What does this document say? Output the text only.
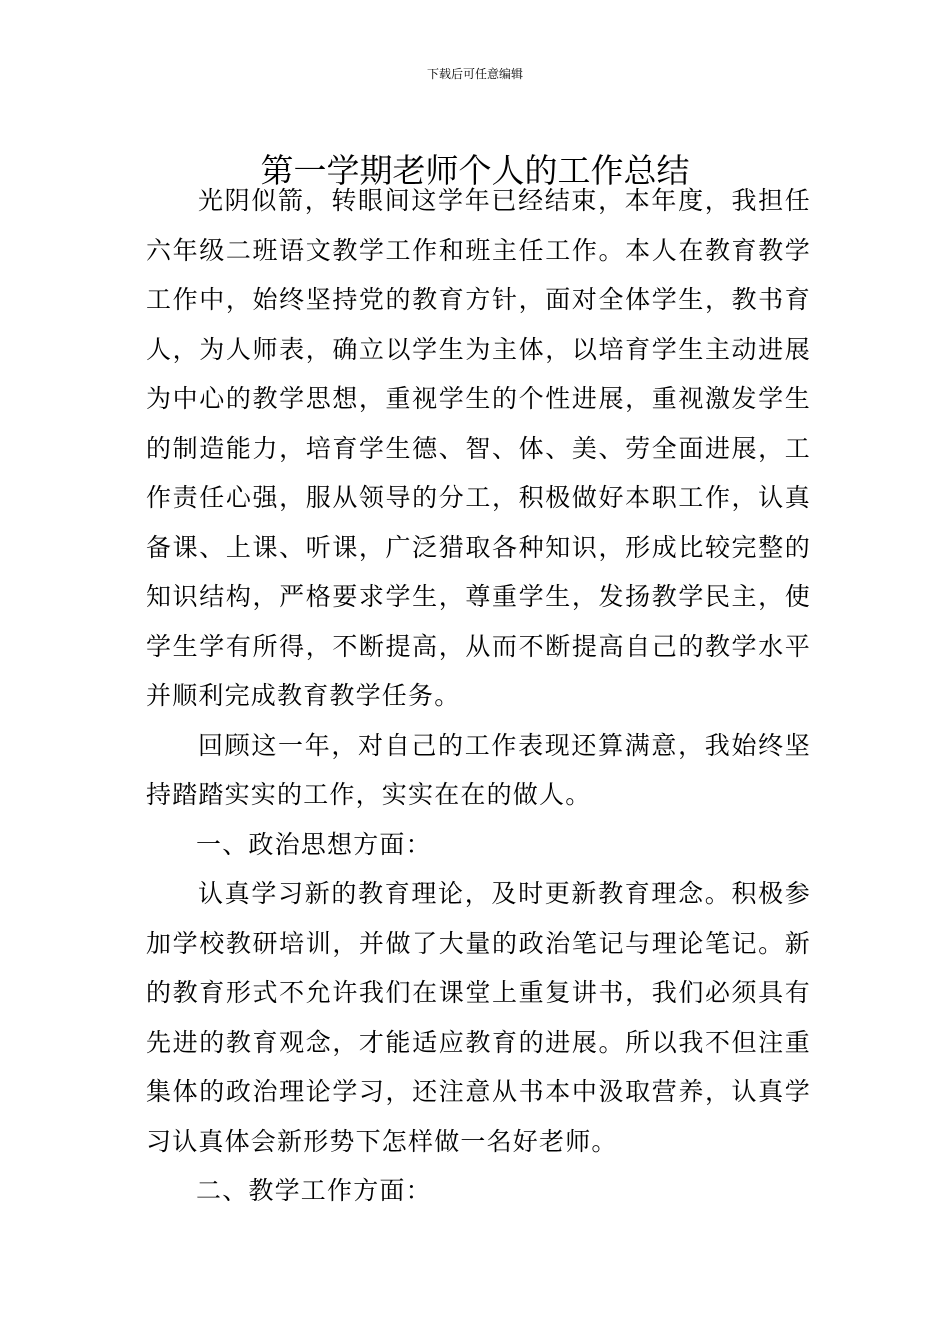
下载后可任意编辑
第一学期老师个人的工作总结

光阴似箭，转眼间这学年已经结束，本年度，我担任六年级二班语文教学工作和班主任工作。本人在教育教学工作中，始终坚持党的教育方针，面对全体学生，教书育人，为人师表，确立以学生为主体，以培育学生主动进展为中心的教学思想，重视学生的个性进展，重视激发学生的制造能力，培育学生德、智、体、美、劳全面进展，工作责任心强，服从领导的分工，积极做好本职工作，认真备课、上课、听课，广泛猎取各种知识，形成比较完整的知识结构，严格要求学生，尊重学生，发扬教学民主，使学生学有所得，不断提高，从而不断提高自己的教学水平并顺利完成教育教学任务。

回顾这一年，对自己的工作表现还算满意，我始终坚持踏踏实实的工作，实实在在的做人。

一、政治思想方面：

认真学习新的教育理论，及时更新教育理念。积极参加学校教研培训，并做了大量的政治笔记与理论笔记。新的教育形式不允许我们在课堂上重复讲书，我们必须具有先进的教育观念，才能适应教育的进展。所以我不但注重集体的政治理论学习，还注意从书本中汲取营养，认真学习认真体会新形势下怎样做一名好老师。

二、教学工作方面：
